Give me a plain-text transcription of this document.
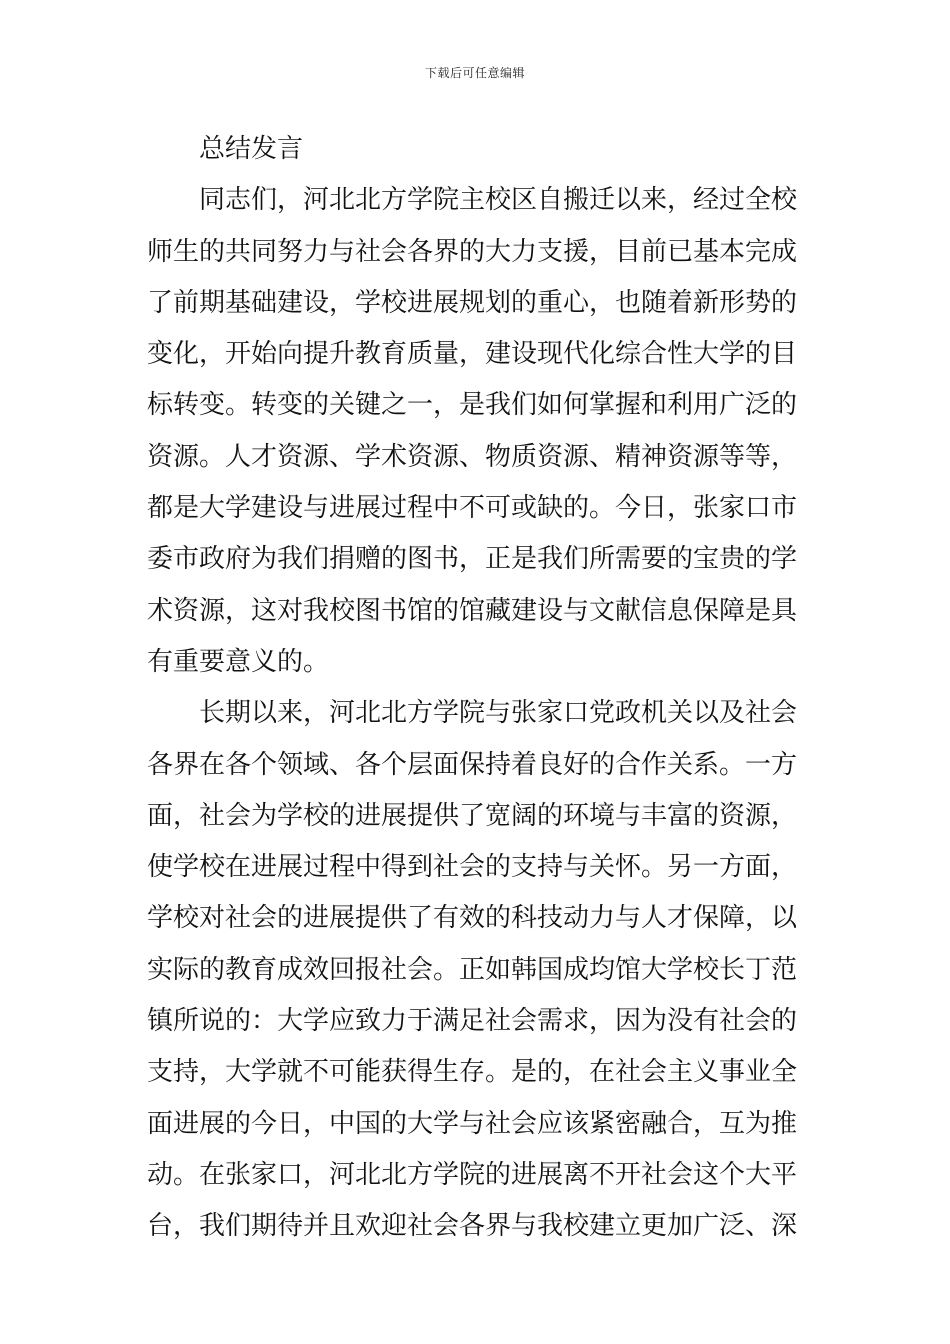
下载后可任意编辑
总结发言

同志们，河北北方学院主校区自搬迁以来，经过全校
师生的共同努力与社会各界的大力支援，目前已基本完成
了前期基础建设，学校进展规划的重心，也随着新形势的
变化，开始向提升教育质量，建设现代化综合性大学的目
标转变。转变的关键之一，是我们如何掌握和利用广泛的
资源。人才资源、学术资源、物质资源、精神资源等等，
都是大学建设与进展过程中不可或缺的。今日，张家口市
委市政府为我们捐赠的图书，正是我们所需要的宝贵的学
术资源，这对我校图书馆的馆藏建设与文献信息保障是具
有重要意义的。

长期以来，河北北方学院与张家口党政机关以及社会
各界在各个领域、各个层面保持着良好的合作关系。一方
面，社会为学校的进展提供了宽阔的环境与丰富的资源，
使学校在进展过程中得到社会的支持与关怀。另一方面，
学校对社会的进展提供了有效的科技动力与人才保障，以
实际的教育成效回报社会。正如韩国成均馆大学校长丁范
镇所说的：大学应致力于满足社会需求，因为没有社会的
支持，大学就不可能获得生存。是的，在社会主义事业全
面进展的今日，中国的大学与社会应该紧密融合，互为推
动。在张家口，河北北方学院的进展离不开社会这个大平
台，我们期待并且欢迎社会各界与我校建立更加广泛、深
